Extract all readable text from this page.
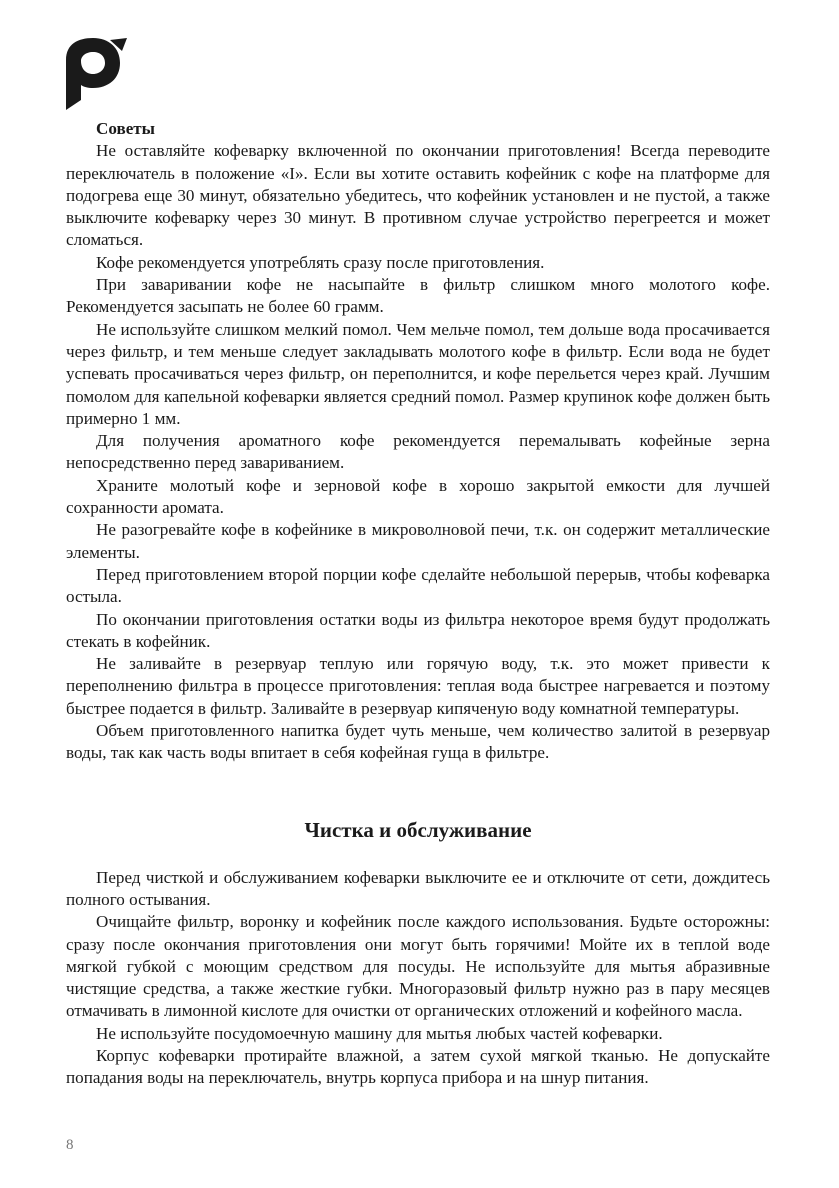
Советы

Не оставляйте кофеварку включенной по окончании приготовления! Всегда переводите переключатель в положение «I». Если вы хотите оставить кофейник с кофе на платформе для подогрева еще 30 минут, обязательно убедитесь, что кофейник установлен и не пустой, а также выключите кофеварку через 30 минут. В противном случае устройство перегреется и может сломаться.

Кофе рекомендуется употреблять сразу после приготовления.

При заваривании кофе не насыпайте в фильтр слишком много молотого кофе. Рекомендуется засыпать не более 60 грамм.

Не используйте слишком мелкий помол. Чем мельче помол, тем дольше вода просачивается через фильтр, и тем меньше следует закладывать молотого кофе в фильтр. Если вода не будет успевать просачиваться через фильтр, он переполнится, и кофе перельется через край. Лучшим помолом для капельной кофеварки является средний помол. Размер крупинок кофе должен быть примерно 1 мм.

Для получения ароматного кофе рекомендуется перемалывать кофейные зерна непосредственно перед завариванием.

Храните молотый кофе и зерновой кофе в хорошо закрытой емкости для лучшей сохранности аромата.

Не разогревайте кофе в кофейнике в микроволновой печи, т.к. он содержит металлические элементы.

Перед приготовлением второй порции кофе сделайте небольшой перерыв, чтобы кофеварка остыла.

По окончании приготовления остатки воды из фильтра некоторое время будут продолжать стекать в кофейник.

Не заливайте в резервуар теплую или горячую воду, т.к. это может привести к переполнению фильтра в процессе приготовления: теплая вода быстрее нагревается и поэтому быстрее подается в фильтр. Заливайте в резервуар кипяченую воду комнатной температуры.

Объем приготовленного напитка будет чуть меньше, чем количество залитой в резервуар воды, так как часть воды впитает в себя кофейная гуща в фильтре.

Чистка и обслуживание

Перед чисткой и обслуживанием кофеварки выключите ее и отключите от сети, дождитесь полного остывания.

Очищайте фильтр, воронку и кофейник после каждого использования. Будьте осторожны: сразу после окончания приготовления они могут быть горячими! Мойте их в теплой воде мягкой губкой с моющим средством для посуды. Не используйте для мытья абразивные чистящие средства, а также жесткие губки. Многоразовый фильтр нужно раз в пару месяцев отмачивать в лимонной кислоте для очистки от органических отложений и кофейного масла.

Не используйте посудомоечную машину для мытья любых частей кофеварки.

Корпус кофеварки протирайте влажной, а затем сухой мягкой тканью. Не допускайте попадания воды на переключатель, внутрь корпуса прибора и на шнур питания.

8
